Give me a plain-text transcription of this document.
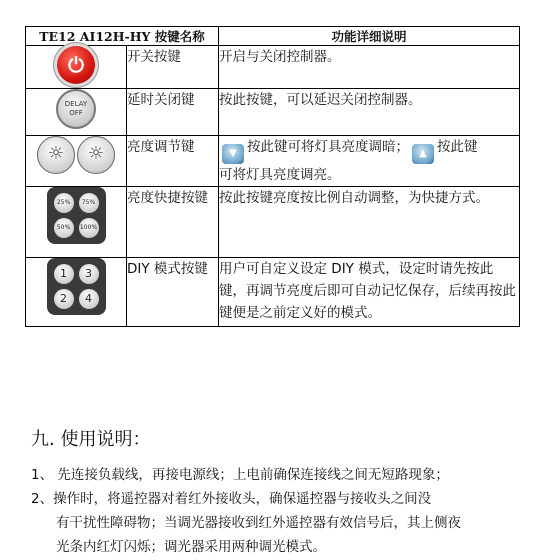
TE12 AI12H-HY 按键名称		功能详细说明
⏻	开关按键	开启与关闭控制器。
DELAY OFF	延时关闭键	按此按键，可以延迟关闭控制器。

☼ ☼	亮度调节键	▼ 按此键可将灯具亮度调暗； ▲ 按此键
可将灯具亮度调亮。

25% 75%
50% 100%	亮度快捷按键	按此按键亮度按比例自动调整，为快捷方式。

1 3
2 4	DIY 模式按键	用户可自定义设定 DIY 模式，设定时请先按此键，再调节亮度后即可自动记忆保存，后续再按此键便是之前定义好的模式。
九. 使用说明：
1、 先连接负载线，再接电源线；上电前确保连接线之间无短路现象；
2、操作时，将遥控器对着红外接收头，确保遥控器与接收头之间没
有干扰性障碍物；当调光器接收到红外遥控器有效信号后，其上侧夜
光条内红灯闪烁；调光器采用两种调光模式。
